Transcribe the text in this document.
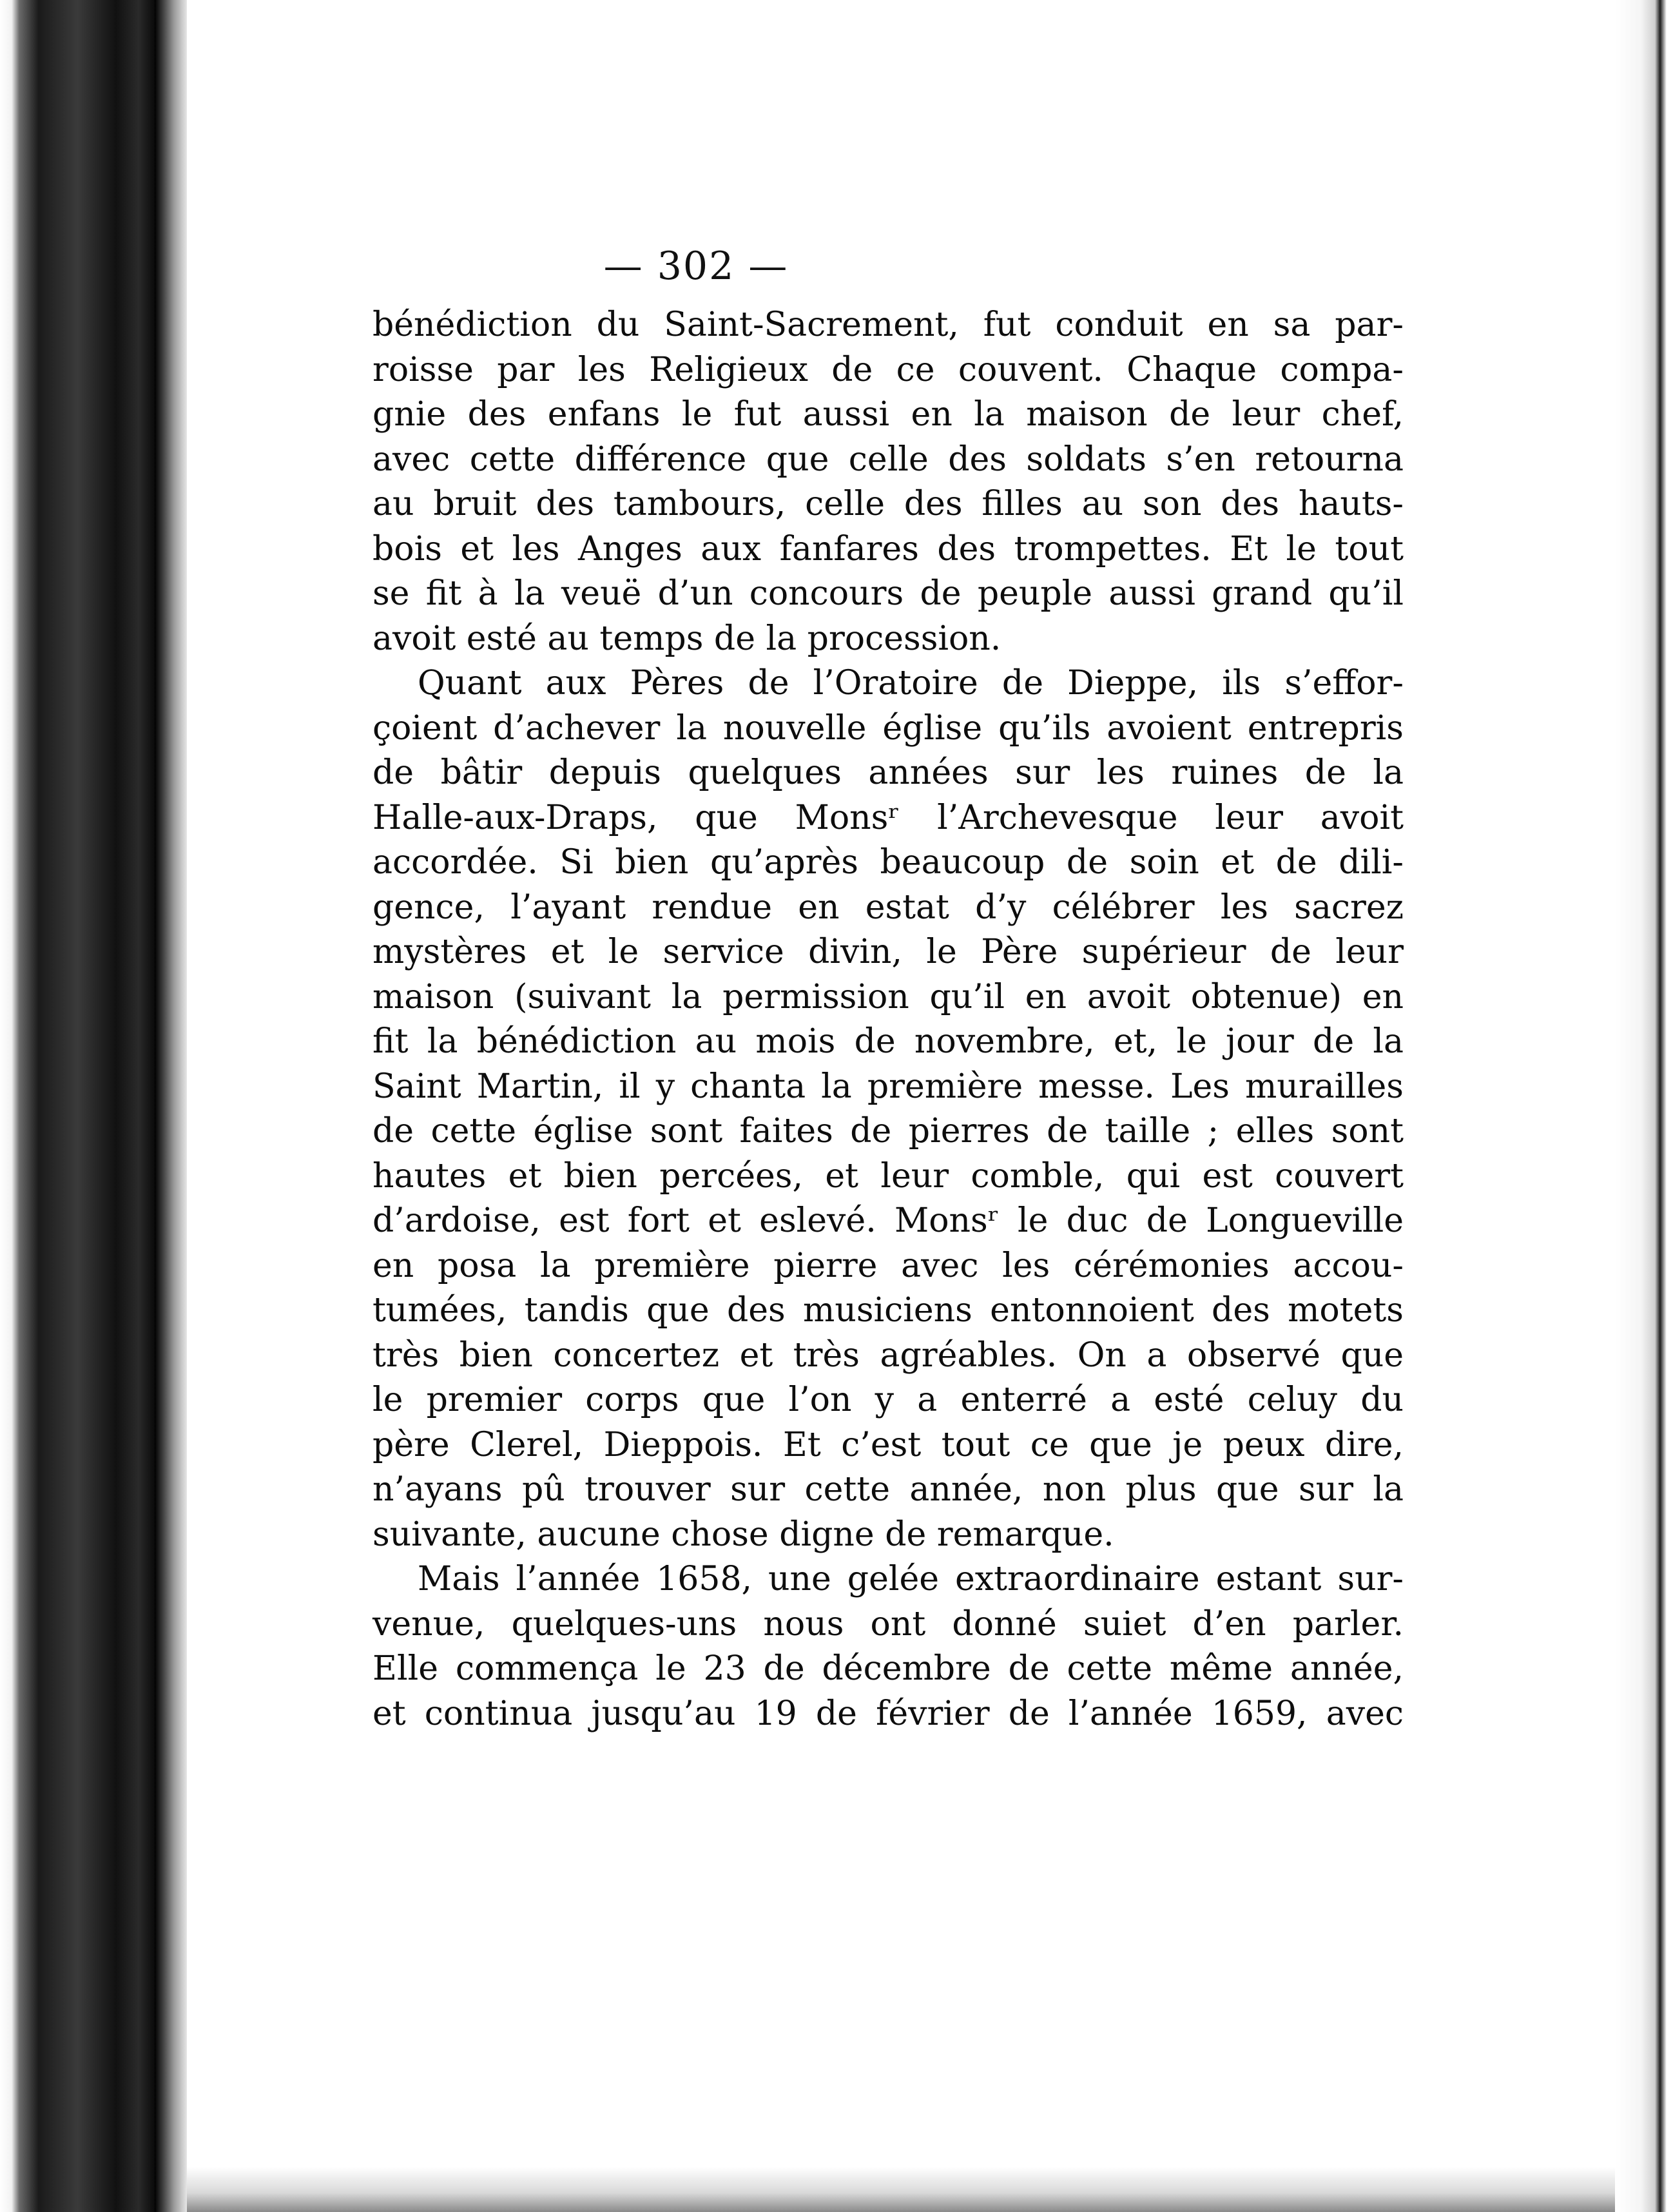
— 302 —
bénédiction du Saint-Sacrement, fut conduit en sa par-
roisse par les Religieux de ce couvent. Chaque compa-
gnie des enfans le fut aussi en la maison de leur chef,
avec cette différence que celle des soldats s’en retourna
au bruit des tambours, celle des filles au son des hauts-
bois et les Anges aux fanfares des trompettes. Et le tout
se fit à la veuë d’un concours de peuple aussi grand qu’il
avoit esté au temps de la procession.
Quant aux Pères de l’Oratoire de Dieppe, ils s’effor-
çoient d’achever la nouvelle église qu’ils avoient entrepris
de bâtir depuis quelques années sur les ruines de la
Halle-aux-Draps, que Monsʳ l’Archevesque leur avoit
accordée. Si bien qu’après beaucoup de soin et de dili-
gence, l’ayant rendue en estat d’y célébrer les sacrez
mystères et le service divin, le Père supérieur de leur
maison (suivant la permission qu’il en avoit obtenue) en
fit la bénédiction au mois de novembre, et, le jour de la
Saint Martin, il y chanta la première messe. Les murailles
de cette église sont faites de pierres de taille ; elles sont
hautes et bien percées, et leur comble, qui est couvert
d’ardoise, est fort et eslevé. Monsʳ le duc de Longueville
en posa la première pierre avec les cérémonies accou-
tumées, tandis que des musiciens entonnoient des motets
très bien concertez et très agréables. On a observé que
le premier corps que l’on y a enterré a esté celuy du
père Clerel, Dieppois. Et c’est tout ce que je peux dire,
n’ayans pû trouver sur cette année, non plus que sur la
suivante, aucune chose digne de remarque.
Mais l’année 1658, une gelée extraordinaire estant sur-
venue, quelques-uns nous ont donné suiet d’en parler.
Elle commença le 23 de décembre de cette même année,
et continua jusqu’au 19 de février de l’année 1659, avec
